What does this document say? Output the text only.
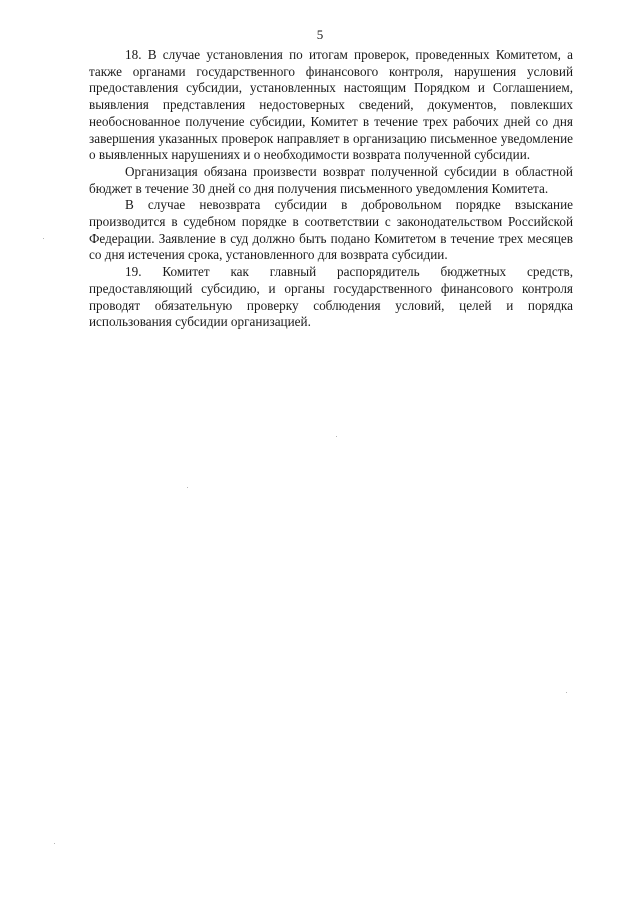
5

18. В случае установления по итогам проверок, проведенных Комитетом, а также органами государственного финансового контроля, нарушения условий предоставления субсидии, установленных настоящим Порядком и Соглашением, выявления представления недостоверных сведений, документов, повлекших необоснованное получение субсидии, Комитет в течение трех рабочих дней со дня завершения указанных проверок направляет в организацию письменное уведомление о выявленных нарушениях и о необходимости возврата полученной субсидии.

Организация обязана произвести возврат полученной субсидии в областной бюджет в течение 30 дней со дня получения письменного уведомления Комитета.

В случае невозврата субсидии в добровольном порядке взыскание производится в судебном порядке в соответствии с законодательством Российской Федерации. Заявление в суд должно быть подано Комитетом в течение трех месяцев со дня истечения срока, установленного для возврата субсидии.

19. Комитет как главный распорядитель бюджетных средств, предоставляющий субсидию, и органы государственного финансового контроля проводят обязательную проверку соблюдения условий, целей и порядка использования субсидии организацией.
